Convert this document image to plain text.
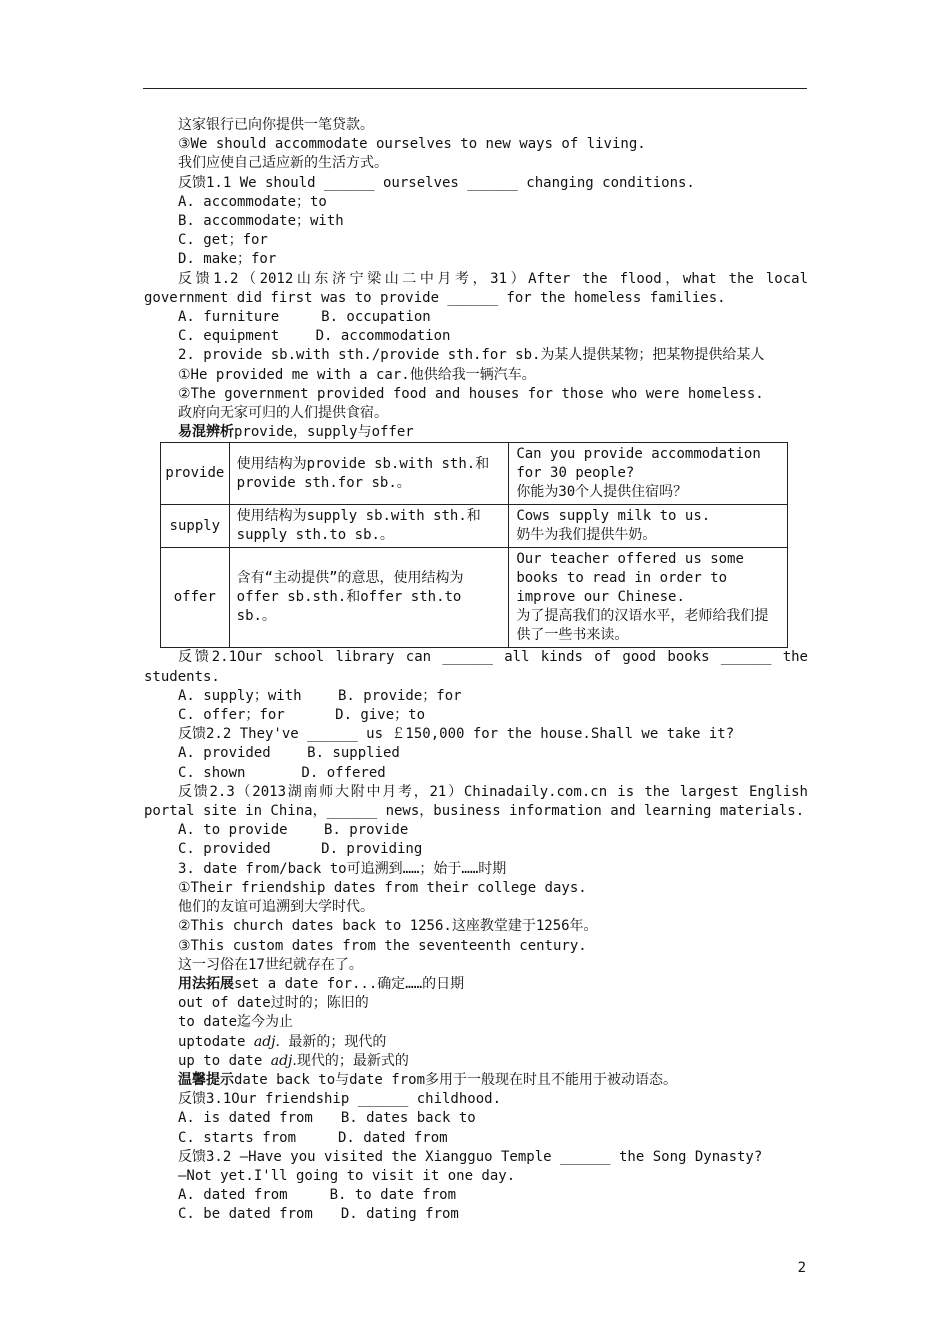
这家银行已向你提供一笔贷款。
③We should accommodate ourselves to new ways of living.
我们应使自己适应新的生活方式。
反馈1.1 We should ______ ourselves ______ changing conditions.
A. accommodate；to
B. accommodate；with
C. get；for
D. make；for
反馈1.2（2012山东济宁梁山二中月考，31）After the flood，what the local
government did first was to provide ______ for the homeless families.
A. furniture　　　B. occupation
C. equipment　　 D. accommodation
2. provide sb.with sth./provide sth.for sb.为某人提供某物；把某物提供给某人
①He provided me with a car.他供给我一辆汽车。
②The government provided food and houses for those who were homeless.
政府向无家可归的人们提供食宿。
易混辨析provide，supply与offer
provide	使用结构为provide sb.with sth.和provide sth.for sb.。	Can you provide accommodation for 30 people?
你能为30个人提供住宿吗？

supply	使用结构为supply sb.with sth.和supply sth.to sb.。	Cows supply milk to us.
奶牛为我们提供牛奶。

offer	含有“主动提供”的意思，使用结构为offer sb.sth.和offer sth.to sb.。	Our teacher offered us some books to read in order to improve our Chinese.
为了提高我们的汉语水平，老师给我们提供了一些书来读。
反馈2.1Our school library can ______ all kinds of good books ______ the
students.
A. supply；with　　 B. provide；for
C. offer；for　　　 D. give；to
反馈2.2 They've ______ us ￡150,000 for the house.Shall we take it?
A. provided　　 B. supplied
C. shown　　　　D. offered
反馈2.3（2013湖南师大附中月考，21）Chinadaily.com.cn is the largest English
portal site in China，______ news，business information and learning materials.
A. to provide　　 B. provide
C. provided　　　 D. providing
3. date from/back to可追溯到……；始于……时期
①Their friendship dates from their college days.
他们的友谊可追溯到大学时代。
②This church dates back to 1256.这座教堂建于1256年。
③This custom dates from the seventeenth century.
这一习俗在17世纪就存在了。
用法拓展set a date for...确定……的日期
out of date过时的；陈旧的
to date迄今为止
uptodate adj. 最新的；现代的
up to date adj.现代的；最新式的
温馨提示date back to与date from多用于一般现在时且不能用于被动语态。
反馈3.1Our friendship ______ childhood.
A. is dated from　　B. dates back to
C. starts from　　　D. dated from
反馈3.2 —Have you visited the Xiangguo Temple ______ the Song Dynasty?
—Not yet.I'll going to visit it one day.
A. dated from　　　B. to date from
C. be dated from　　D. dating from
2
